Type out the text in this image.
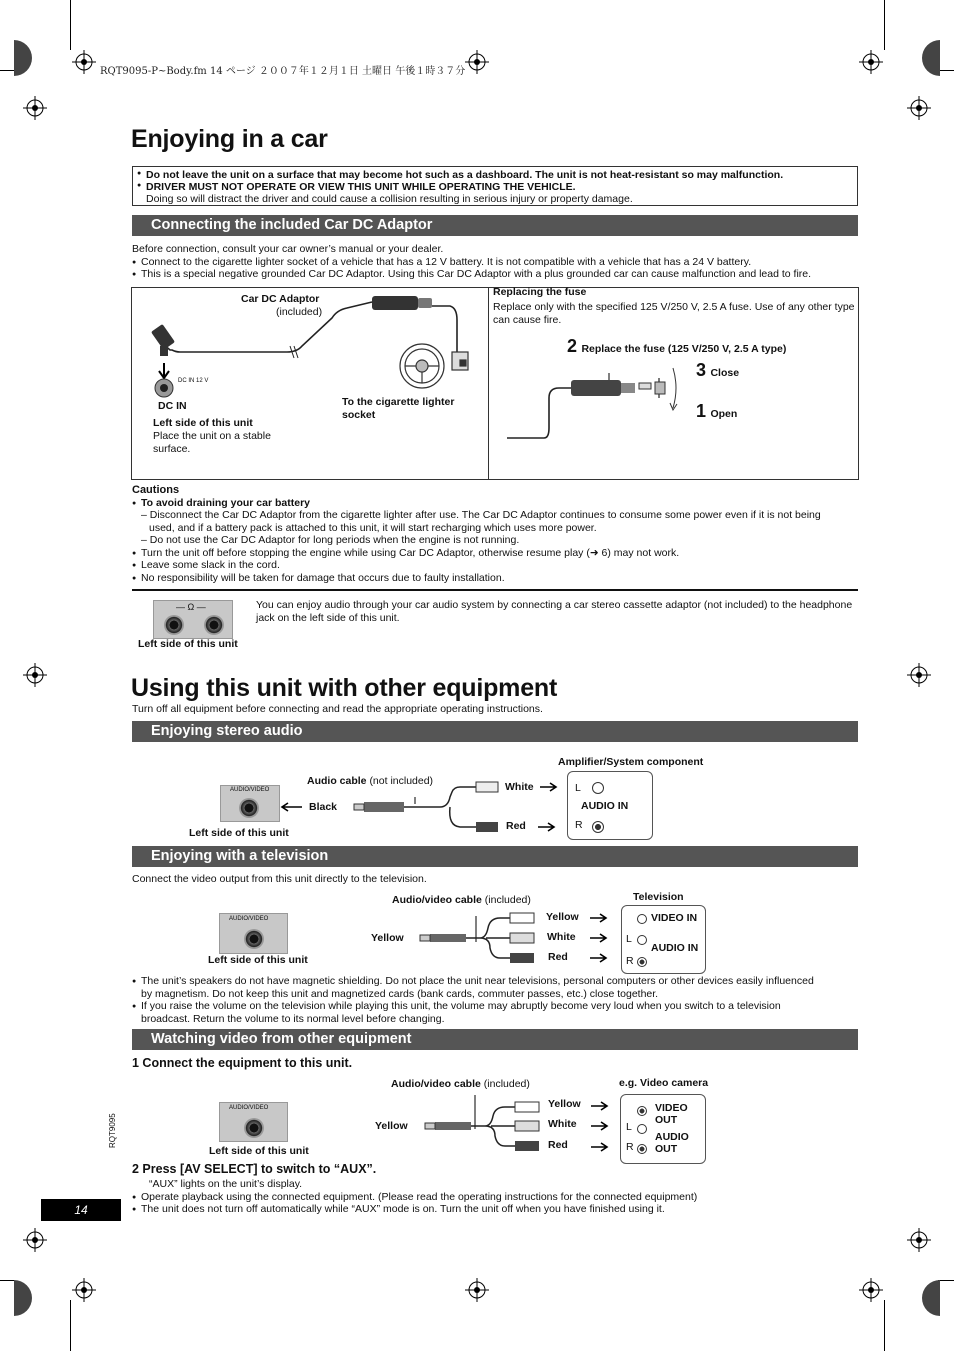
RQT9095-P~Body.fm 14 ページ ２００７年１２月１日 土曜日 午後１時３７分
Enjoying in a car
● Do not leave the unit on a surface that may become hot such as a dashboard. The unit is not heat-resistant so may malfunction.
● DRIVER MUST NOT OPERATE OR VIEW THIS UNIT WHILE OPERATING THE VEHICLE.
Doing so will distract the driver and could cause a collision resulting in serious injury or property damage.
Connecting the included Car DC Adaptor
Before connection, consult your car owner’s manual or your dealer.
● Connect to the cigarette lighter socket of a vehicle that has a 12 V battery. It is not compatible with a vehicle that has a 24 V battery.
● This is a special negative grounded Car DC Adaptor. Using this Car DC Adaptor with a plus grounded car can cause malfunction and lead to fire.
Car DC Adaptor
(included)
DC IN 12 V
DC IN
Left side of this unit
Place the unit on a stable surface.
To the cigarette lighter socket
Replacing the fuse
Replace only with the specified 125 V/250 V, 2.5 A fuse. Use of any other type can cause fire.
2 Replace the fuse (125 V/250 V, 2.5 A type)
3 Close
1 Open
Cautions
● To avoid draining your car battery
– Disconnect the Car DC Adaptor from the cigarette lighter after use. The Car DC Adaptor continues to consume some power even if it is not being
used, and if a battery pack is attached to this unit, it will start recharging which uses more power.
– Do not use the Car DC Adaptor for long periods when the engine is not running.
● Turn the unit off before stopping the engine while using Car DC Adaptor, otherwise resume play (➜ 6) may not work.
● Leave some slack in the cord.
● No responsibility will be taken for damage that occurs due to faulty installation.
— Ω —
Left side of this unit
You can enjoy audio through your car audio system by connecting a car stereo cassette adaptor (not included) to the headphone jack on the left side of this unit.
Using this unit with other equipment
Turn off all equipment before connecting and read the appropriate operating instructions.
Enjoying stereo audio
AUDIO/VIDEO
Left side of this unit
Audio cable (not included)
Black
White
Red
Amplifier/System component
L
AUDIO IN
R
Enjoying with a television
Connect the video output from this unit directly to the television.
AUDIO/VIDEO
Left side of this unit
Audio/video cable (included)
Yellow
Yellow
White
Red
Television
VIDEO IN
L
AUDIO IN
R
● The unit’s speakers do not have magnetic shielding. Do not place the unit near televisions, personal computers or other devices easily influenced
by magnetism. Do not keep this unit and magnetized cards (bank cards, commuter passes, etc.) close together.
● If you raise the volume on the television while playing this unit, the volume may abruptly become very loud when you switch to a television
broadcast. Return the volume to its normal level before changing.
Watching video from other equipment
1 Connect the equipment to this unit.
AUDIO/VIDEO
Left side of this unit
Audio/video cable (included)
Yellow
Yellow
White
Red
e.g. Video camera
VIDEO
OUT
L
AUDIO
OUT
R
2 Press [AV SELECT] to switch to “AUX”.
“AUX” lights on the unit’s display.
● Operate playback using the connected equipment. (Please read the operating instructions for the connected equipment)
● The unit does not turn off automatically while “AUX” mode is on. Turn the unit off when you have finished using it.
RQT9095
14
